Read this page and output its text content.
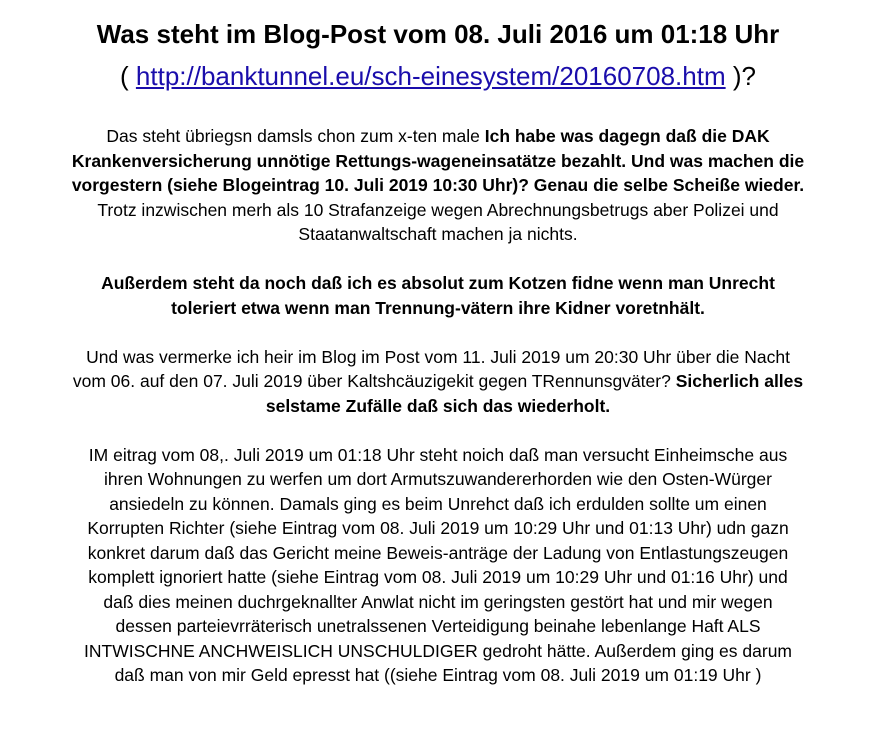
Was steht im Blog-Post vom 08. Juli 2016 um 01:18 Uhr
( http://banktunnel.eu/sch-einesystem/20160708.htm )?
Das steht übriegsn damsls chon zum x-ten male Ich habe was dagegn daß die DAK
Krankenversicherung unnötige Rettungs-wageneinsatätze bezahlt. Und was machen die
vorgestern (siehe Blogeintrag 10. Juli 2019 10:30 Uhr)? Genau die selbe Scheiße wieder.
Trotz inzwischen merh als 10 Strafanzeige wegen Abrechnungsbetrugs aber Polizei und
Staatanwaltschaft machen ja nichts.
Außerdem steht da noch daß ich es absolut zum Kotzen fidne wenn man Unrecht
toleriert etwa wenn man Trennung-vätern ihre Kidner voretnhält.
Und was vermerke ich heir im Blog im Post vom 11. Juli 2019 um 20:30 Uhr über die Nacht
vom 06. auf den 07. Juli 2019 über Kaltshcäuzigekit gegen TRennunsgväter? Sicherlich alles
selstame Zufälle daß sich das wiederholt.
IM eitrag vom 08,. Juli 2019 um 01:18 Uhr steht noich daß man versucht Einheimsche aus
ihren Wohnungen zu werfen um dort Armutszuwandererhorden wie den Osten-Würger
ansiedeln zu können. Damals ging es beim Unrehct daß ich erdulden sollte um einen
Korrupten Richter (siehe Eintrag vom 08. Juli 2019 um 10:29 Uhr und 01:13 Uhr) udn gazn
konkret darum daß das Gericht meine Beweis-anträge der Ladung von Entlastungszeugen
komplett ignoriert hatte (siehe Eintrag vom 08. Juli 2019 um 10:29 Uhr und 01:16 Uhr) und
daß dies meinen duchrgeknallter Anwlat nicht im geringsten gestört hat und mir wegen
dessen parteievrräterisch unetralssenen Verteidigung beinahe lebenlange Haft ALS
INTWISCHNE ANCHWEISLICH UNSCHULDIGER gedroht hätte. Außerdem ging es darum
daß man von mir Geld epresst hat ((siehe Eintrag vom 08. Juli 2019 um 01:19 Uhr )
